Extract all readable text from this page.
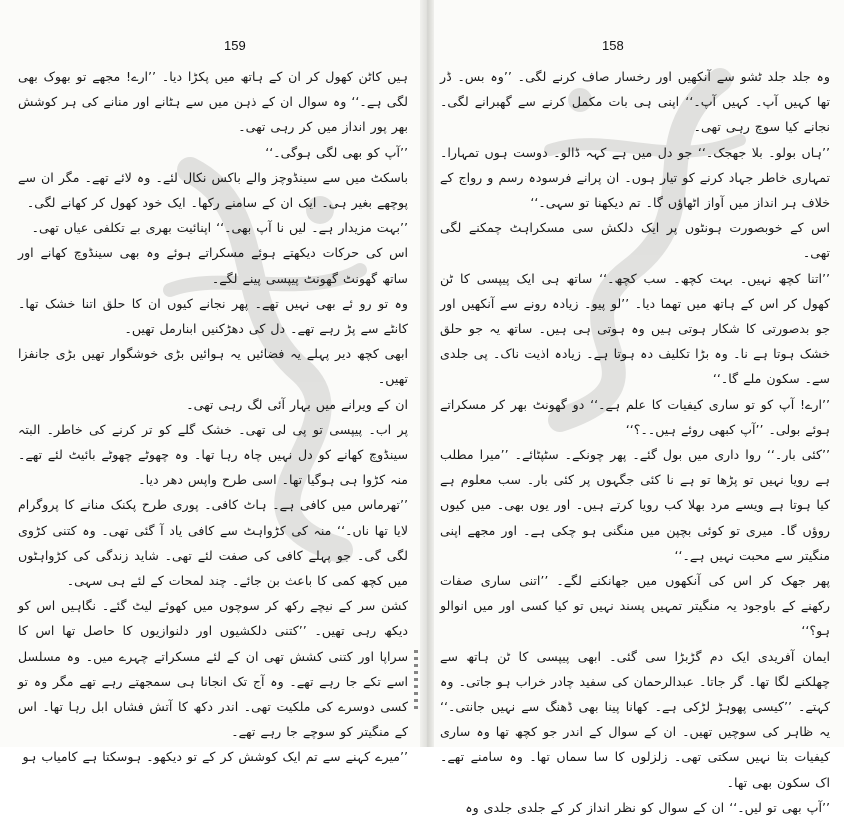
159

ہیں کاٹن کھول کر ان کے ہاتھ میں پکڑا دیا۔ ’’ارے! مجھے تو بھوک بھی لگی ہے۔‘‘ وہ سوال ان کے ذہن میں سے ہٹانے اور منانے کی ہر کوشش بھر پور انداز میں کر رہی تھی۔

’’آپ کو بھی لگی ہوگی۔‘‘

باسکٹ میں سے سینڈوچز والے باکس نکال لئے۔ وہ لائے تھے۔ مگر ان سے پوچھے بغیر ہی۔ ایک ان کے سامنے رکھا۔ ایک خود کھول کر کھانے لگی۔

’’بہت مزیدار ہے۔ لیں نا آپ بھی۔‘‘ اپنائیت بھری بے تکلفی عیاں تھی۔

اس کی حرکات دیکھتے ہوئے مسکراتے ہوئے وہ بھی سینڈوچ کھانے اور ساتھ گھونٹ گھونٹ پیپسی پینے لگے۔

وہ تو رو ئے بھی نہیں تھے۔ پھر نجانے کیوں ان کا حلق اتنا خشک تھا۔ کانٹے سے پڑ رہے تھے۔ دل کی دھڑکنیں ابنارمل تھیں۔

ابھی کچھ دیر پہلے یہ فضائیں یہ ہوائیں بڑی خوشگوار تھیں بڑی جانفزا تھیں۔

ان کے ویرانے میں بہار آئی لگ رہی تھی۔

پر اب۔ پیپسی تو پی لی تھی۔ خشک گلے کو تر کرنے کی خاطر۔ البتہ سینڈوچ کھانے کو دل نہیں چاہ رہا تھا۔ وہ چھوٹے چھوٹے بائیٹ لئے تھے۔ منہ کڑوا ہی ہوگیا تھا۔ اسی طرح واپس دھر دیا۔

’’تھرماس میں کافی ہے۔ ہاٹ کافی۔ پوری طرح پکنک منانے کا پروگرام لایا تھا ناں۔‘‘ منہ کی کڑواہٹ سے کافی یاد آ گئی تھی۔ وہ کتنی کڑوی لگی گی۔ جو پہلے کافی کی صفت لئے تھی۔ شاید زندگی کی کڑواہٹوں میں کچھ کمی کا باعث بن جائے۔ چند لمحات کے لئے ہی سہی۔

کشن سر کے نیچے رکھ کر سوچوں میں کھوئے لیٹ گئے۔ نگاہیں اس کو دیکھ رہی تھیں۔ ’’کتنی دلکشیوں اور دلنوازیوں کا حاصل تھا اس کا سراپا اور کتنی کشش تھی ان کے لئے مسکراتے چہرے میں۔ وہ مسلسل اسے تکے جا رہے تھے۔ وہ آج تک انجانا ہی سمجھتے رہے تھے مگر وہ تو کسی دوسرے کی ملکیت تھی۔ اندر دکھ کا آتش فشاں ابل رہا تھا۔ اس کے منگیتر کو سوچے جا رہے تھے۔

’’میرے کہنے سے تم ایک کوشش کر کے تو دیکھو۔ ہوسکتا ہے کامیاب ہو

158

وہ جلد جلد ٹشو سے آنکھیں اور رخسار صاف کرنے لگی۔ ’’وہ بس۔ ڈر تھا کہیں آپ۔ کہیں آپ۔‘‘ اپنی ہی بات مکمل کرنے سے گھبرانے لگی۔ نجانے کیا سوچ رہی تھی۔

’’ہاں بولو۔ بلا جھجک۔‘‘ جو دل میں ہے کہہ ڈالو۔ دوست ہوں تمہارا۔ تمہاری خاطر جہاد کرنے کو تیار ہوں۔ ان پرانے فرسودہ رسم و رواج کے خلاف ہر انداز میں آواز اٹھاؤں گا۔ تم دیکھنا تو سہی۔‘‘

اس کے خوبصورت ہونٹوں پر ایک دلکش سی مسکراہٹ چمکنے لگی تھی۔

’’اتنا کچھ نہیں۔ بہت کچھ۔ سب کچھ۔‘‘ ساتھ ہی ایک پیپسی کا ٹن کھول کر اس کے ہاتھ میں تھما دیا۔ ’’لو پیو۔ زیادہ رونے سے آنکھیں اور جو بدصورتی کا شکار ہوتی ہیں وہ ہوتی ہی ہیں۔ ساتھ یہ جو حلق خشک ہوتا ہے نا۔ وہ بڑا تکلیف دہ ہوتا ہے۔ زیادہ اذیت ناک۔ پی جلدی سے۔ سکون ملے گا۔‘‘

’’ارے! آپ کو تو ساری کیفیات کا علم ہے۔‘‘ دو گھونٹ بھر کر مسکراتے ہوئے بولی۔ ’’آپ کبھی روئے ہیں۔۔؟‘‘

’’کئی بار۔‘‘ روا داری میں بول گئے۔ پھر چونکے۔ سٹپٹائے۔ ’’میرا مطلب ہے رویا نہیں تو پڑھا تو ہے نا کئی جگہوں پر کئی بار۔ سب معلوم ہے کیا ہوتا ہے ویسے مرد بھلا کب رویا کرتے ہیں۔ اور یوں بھی۔ میں کیوں روؤں گا۔ میری تو کوئی بچپن میں منگنی ہو چکی ہے۔ اور مجھے اپنی منگیتر سے محبت نہیں ہے۔‘‘

پھر جھک کر اس کی آنکھوں میں جھانکنے لگے۔ ’’اتنی ساری صفات رکھنے کے باوجود یہ منگیتر تمہیں پسند نہیں تو کیا کسی اور میں انوالو ہو؟‘‘

ایمان آفریدی ایک دم گڑبڑا سی گئی۔ ابھی پیپسی کا ٹن ہاتھ سے چھلکنے لگا تھا۔ گر جاتا۔ عبدالرحمان کی سفید چادر خراب ہو جاتی۔ وہ کہتے۔ ’’کیسی پھوہڑ لڑکی ہے۔ کھانا پینا بھی ڈھنگ سے نہیں جانتی۔‘‘ یہ ظاہر کی سوچیں تھیں۔ ان کے سوال کے اندر جو کچھ تھا وہ ساری کیفیات بتا نہیں سکتی تھی۔ زلزلوں کا سا سماں تھا۔ وہ سامنے تھے۔ اک سکون بھی تھا۔

’’آپ بھی تو لیں۔‘‘ ان کے سوال کو نظر انداز کر کے جلدی جلدی وہ
